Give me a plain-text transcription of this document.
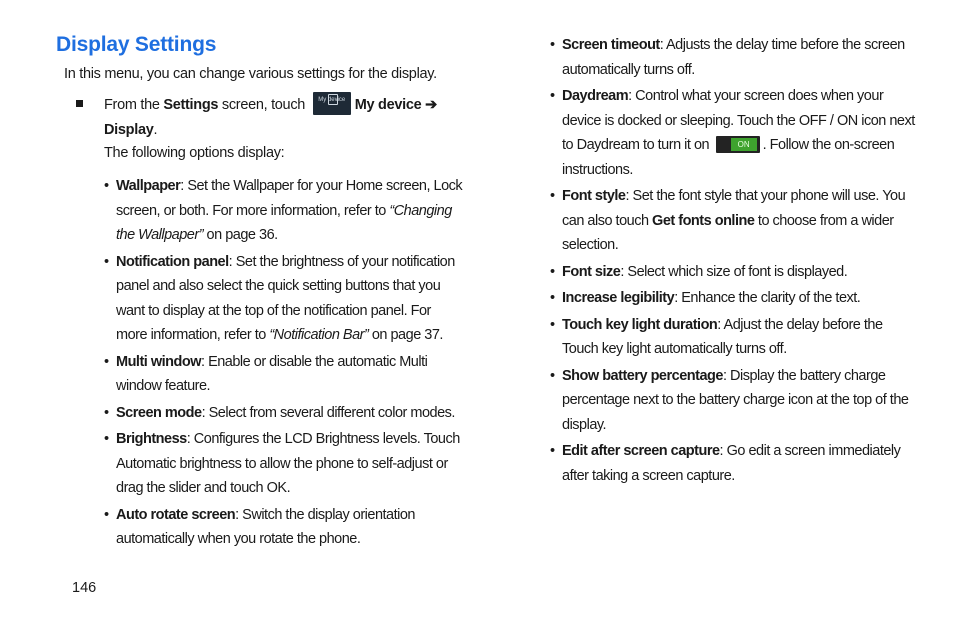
Display Settings
In this menu, you can change various settings for the display.
From the Settings screen, touch	My device My device ➔ Display.
The following options display:
• Wallpaper: Set the Wallpaper for your Home screen, Lock screen, or both. For more information, refer to “Changing the Wallpaper” on page 36.
• Notification panel: Set the brightness of your notification panel and also select the quick setting buttons that you want to display at the top of the notification panel. For more information, refer to “Notification Bar” on page 37.
• Multi window: Enable or disable the automatic Multi window feature.
• Screen mode: Select from several different color modes.
• Brightness: Configures the LCD Brightness levels. Touch Automatic brightness to allow the phone to self-adjust or drag the slider and touch OK.
• Auto rotate screen: Switch the display orientation automatically when you rotate the phone.
• Screen timeout: Adjusts the delay time before the screen automatically turns off.
• Daydream: Control what your screen does when your device is docked or sleeping. Touch the OFF / ON icon next to Daydream to turn it on	ON . Follow the on-screen instructions.
• Font style: Set the font style that your phone will use. You can also touch Get fonts online to choose from a wider selection.
• Font size: Select which size of font is displayed.
• Increase legibility: Enhance the clarity of the text.
• Touch key light duration: Adjust the delay before the Touch key light automatically turns off.
• Show battery percentage: Display the battery charge percentage next to the battery charge icon at the top of the display.
• Edit after screen capture: Go edit a screen immediately after taking a screen capture.
146
